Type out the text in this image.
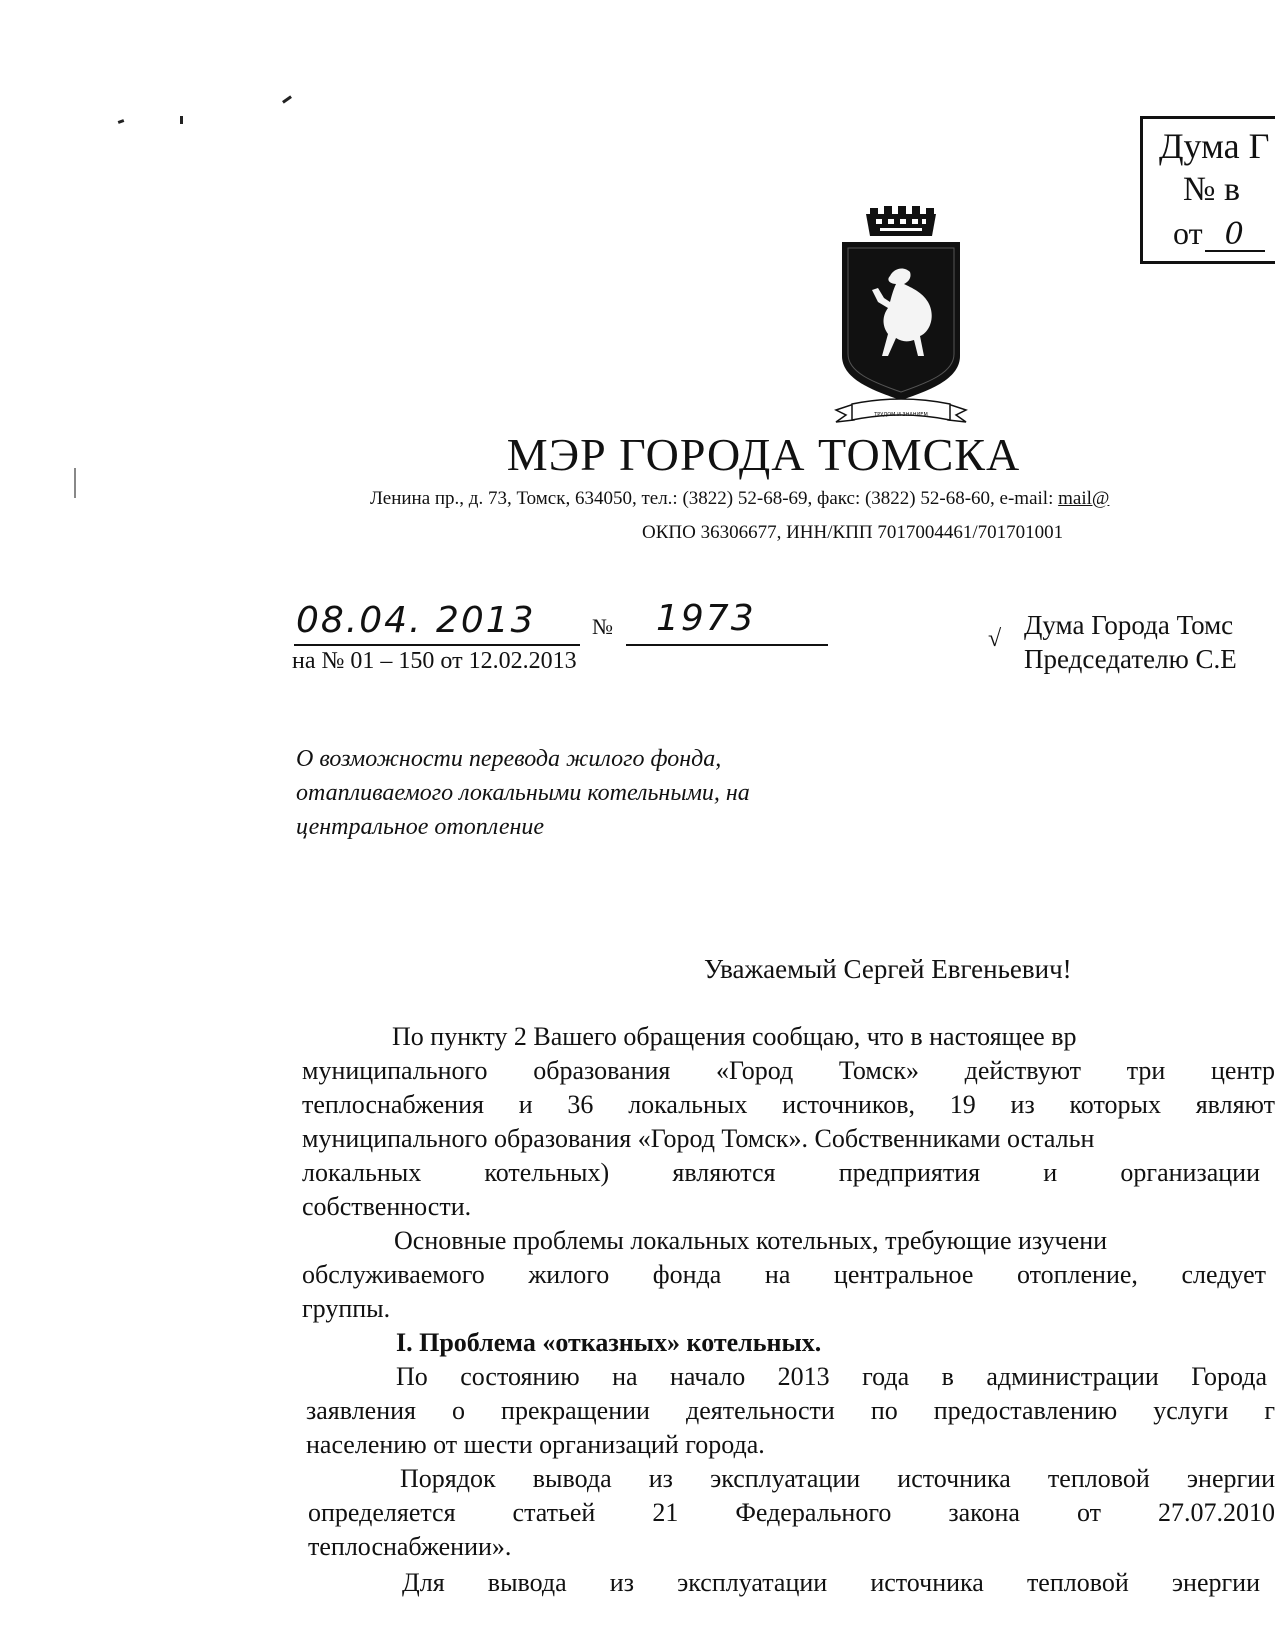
Дума Г
№ в
от 0
ТРУДОМ И ЗНАНИЕМ
МЭР ГОРОДА ТОМСКА
Ленина пр., д. 73, Томск, 634050, тел.: (3822) 52-68-69, факс: (3822) 52-68-60, e-mail: mail@
ОКПО 36306677, ИНН/КПП 7017004461/701701001
08.04. 2013	№ 1973
на № 01 – 150 от 12.02.2013
√ Дума Города Томс
Председателю С.Е
О возможности перевода жилого фонда,
отапливаемого локальными котельными, на
центральное отопление
Уважаемый Сергей Евгеньевич!
По пункту 2 Вашего обращения сообщаю, что в настоящее вр
муниципального образования «Город Томск» действуют три центр
теплоснабжения и 36 локальных источников, 19 из которых являют
муниципального образования «Город Томск». Собственниками остальн
локальных котельных) являются предприятия и организации
собственности.
Основные проблемы локальных котельных, требующие изучени
обслуживаемого жилого фонда на центральное отопление, следует
группы.
I. Проблема «отказных» котельных.
По состоянию на начало 2013 года в администрации Города
заявления о прекращении деятельности по предоставлению услуги г
населению от шести организаций города.
Порядок вывода из эксплуатации источника тепловой энергии
определяется статьей 21 Федерального закона от 27.07.2010
теплоснабжении».
Для вывода из эксплуатации источника тепловой энергии
